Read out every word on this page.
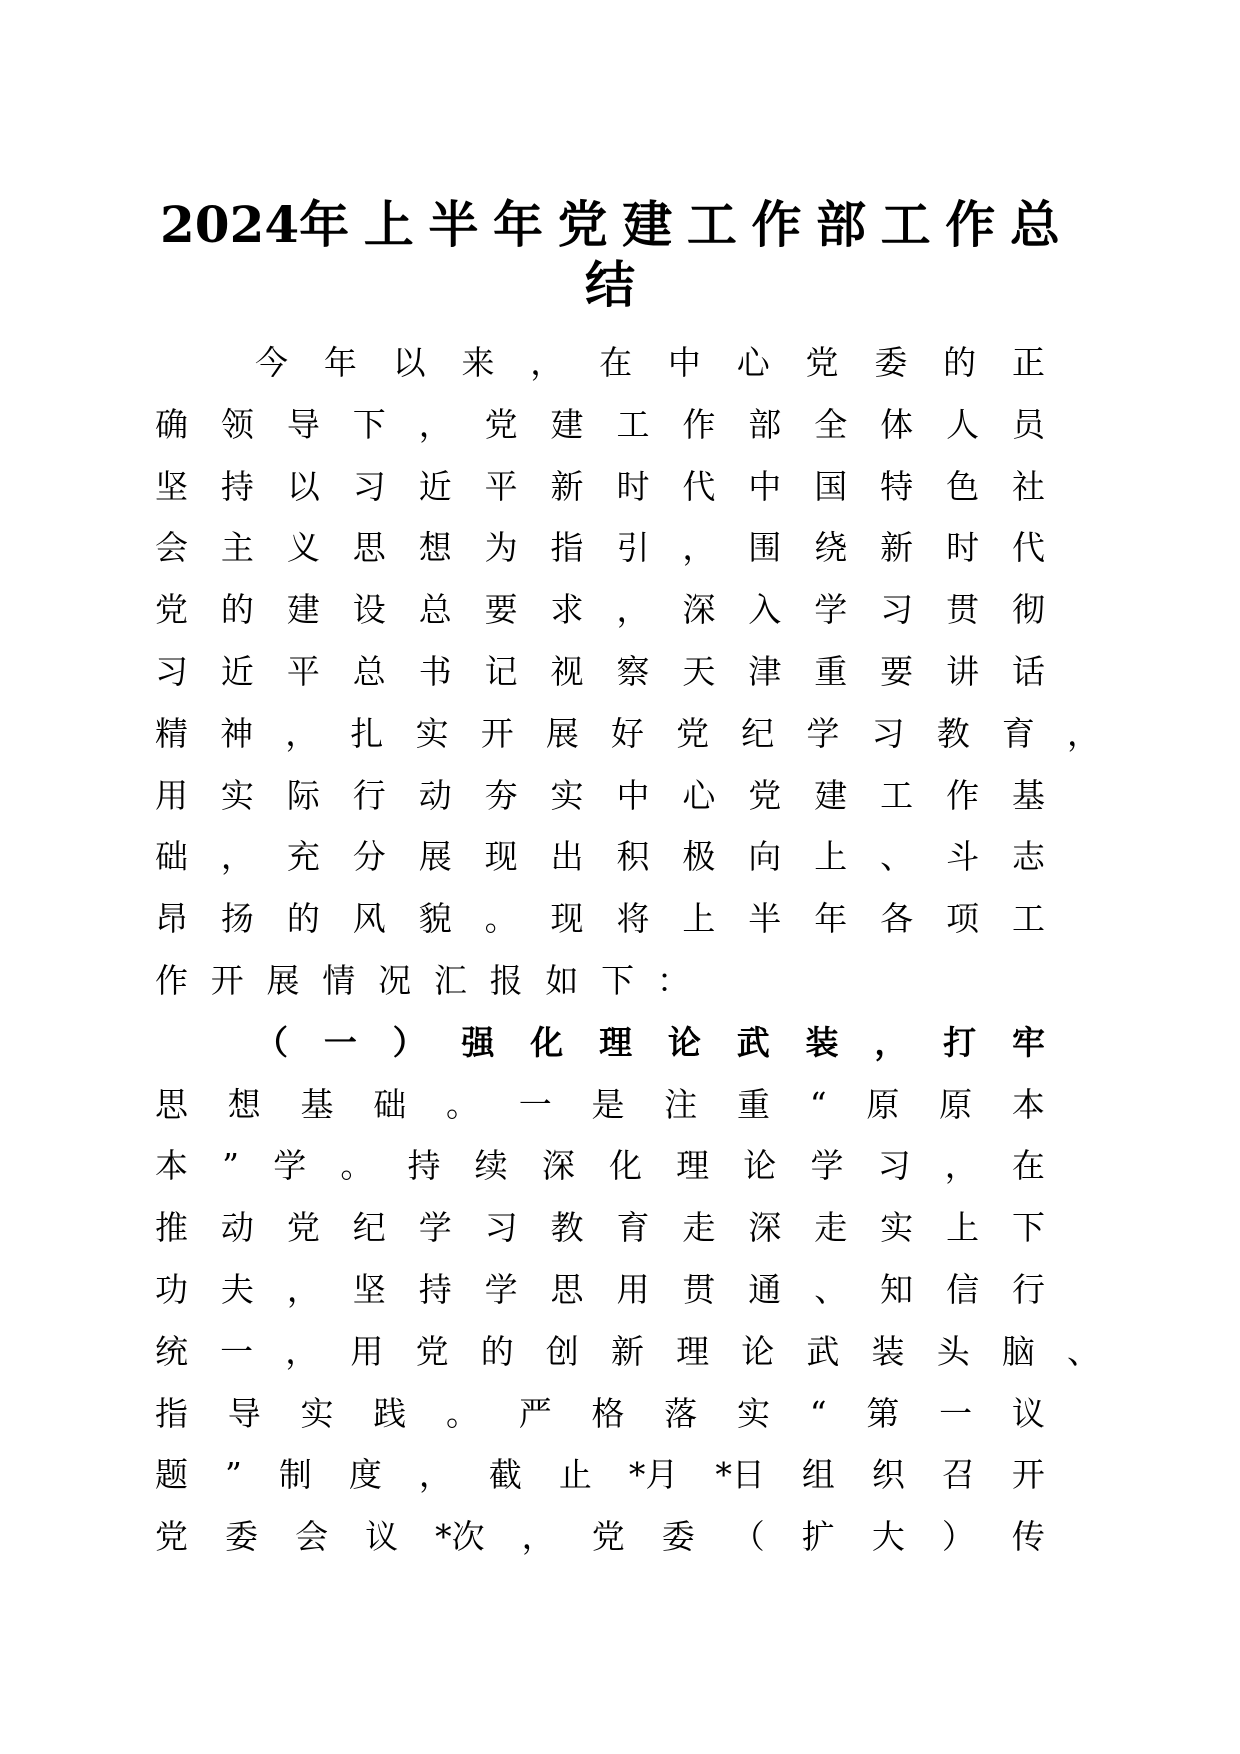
2024年 上 半 年 党 建 工 作 部 工 作 总
结
今 年 以 来 ， 在 中 心 党 委 的 正
确 领 导 下 ， 党 建 工 作 部 全 体 人 员
坚 持 以 习 近 平 新 时 代 中 国 特 色 社
会 主 义 思 想 为 指 引 ， 围 绕 新 时 代
党 的 建 设 总 要 求 ， 深 入 学 习 贯 彻
习 近 平 总 书 记 视 察 天 津 重 要 讲 话
精 神 ， 扎 实 开 展 好 党 纪 学 习 教 育 ，
用 实 际 行 动 夯 实 中 心 党 建 工 作 基
础 ， 充 分 展 现 出 积 极 向 上 、 斗 志
昂 扬 的 风 貌 。 现 将 上 半 年 各 项 工
作 开 展 情 况 汇 报 如 下 ：
（ 一 ） 强 化 理 论 武 装 ， 打 牢
思 想 基 础 。 一 是 注 重 “ 原 原 本
本 ” 学 。 持 续 深 化 理 论 学 习 ， 在
推 动 党 纪 学 习 教 育 走 深 走 实 上 下
功 夫 ， 坚 持 学 思 用 贯 通 、 知 信 行
统 一 ， 用 党 的 创 新 理 论 武 装 头 脑 、
指 导 实 践 。 严 格 落 实 “ 第 一 议
题 ” 制 度 ， 截 止 *月 *日 组 织 召 开
党 委 会 议 *次 ， 党 委 （ 扩 大 ） 传
